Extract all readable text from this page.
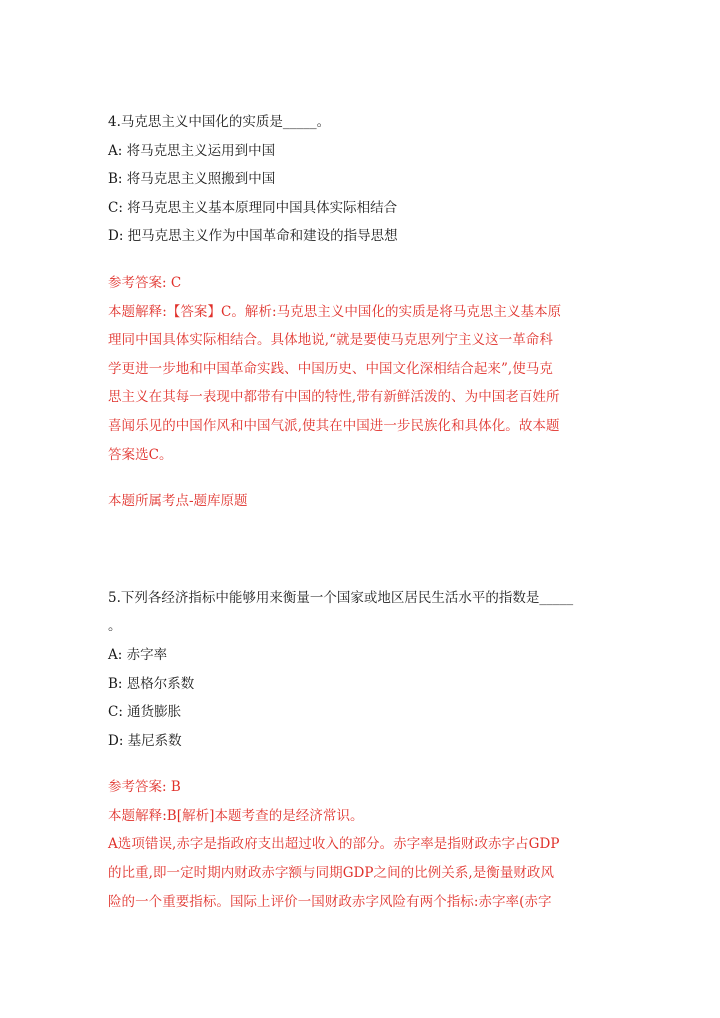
4.马克思主义中国化的实质是_____。
A: 将马克思主义运用到中国
B: 将马克思主义照搬到中国
C: 将马克思主义基本原理同中国具体实际相结合
D: 把马克思主义作为中国革命和建设的指导思想
参考答案: C
本题解释:【答案】C。解析:马克思主义中国化的实质是将马克思主义基本原
理同中国具体实际相结合。具体地说,“就是要使马克思列宁主义这一革命科
学更进一步地和中国革命实践、中国历史、中国文化深相结合起来”,使马克
思主义在其每一表现中都带有中国的特性,带有新鲜活泼的、为中国老百姓所
喜闻乐见的中国作风和中国气派,使其在中国进一步民族化和具体化。故本题
答案选C。
本题所属考点-题库原题
5.下列各经济指标中能够用来衡量一个国家或地区居民生活水平的指数是_____
。
A: 赤字率
B: 恩格尔系数
C: 通货膨胀
D: 基尼系数
参考答案: B
本题解释:B[解析]本题考查的是经济常识。
A选项错误,赤字是指政府支出超过收入的部分。赤字率是指财政赤字占GDP
的比重,即一定时期内财政赤字额与同期GDP之间的比例关系,是衡量财政风
险的一个重要指标。国际上评价一国财政赤字风险有两个指标:赤字率(赤字
